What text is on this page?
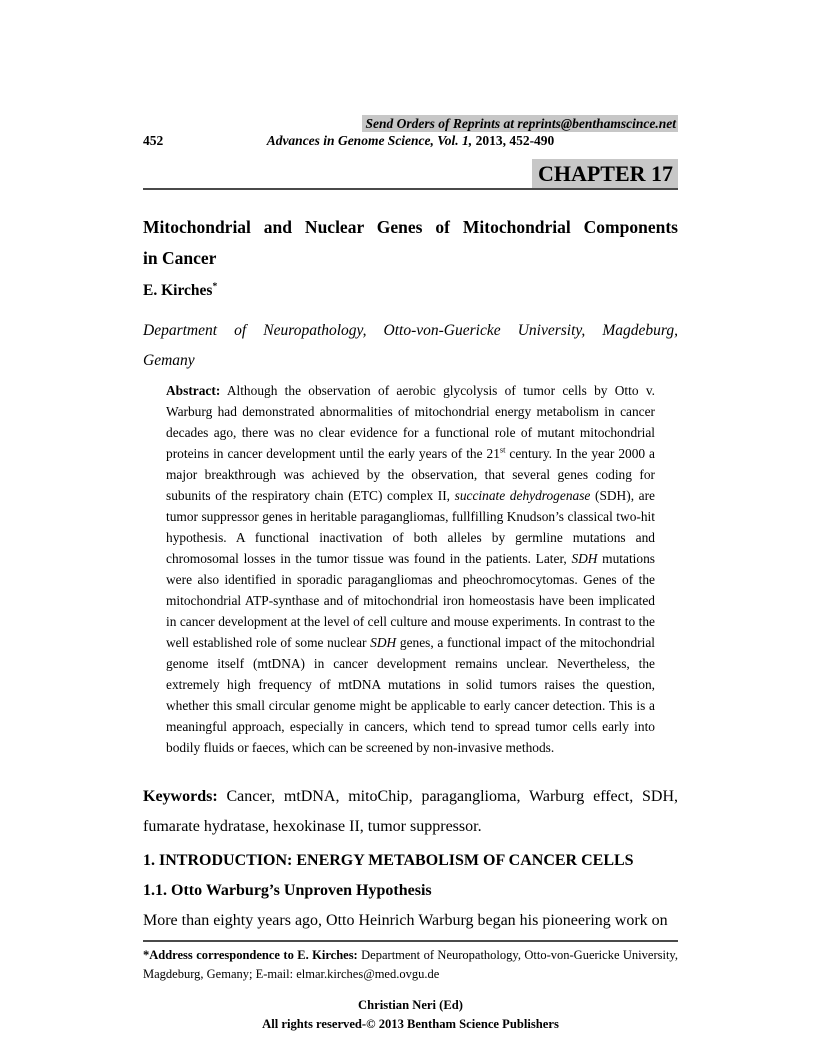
Send Orders of Reprints at reprints@benthamscince.net
452	Advances in Genome Science, Vol. 1, 2013, 452-490
CHAPTER 17
Mitochondrial and Nuclear Genes of Mitochondrial Components
in Cancer
E. Kirches*
Department of Neuropathology, Otto-von-Guericke University, Magdeburg,
Gemany
Abstract: Although the observation of aerobic glycolysis of tumor cells by Otto v. Warburg had demonstrated abnormalities of mitochondrial energy metabolism in cancer decades ago, there was no clear evidence for a functional role of mutant mitochondrial proteins in cancer development until the early years of the 21st century. In the year 2000 a major breakthrough was achieved by the observation, that several genes coding for subunits of the respiratory chain (ETC) complex II, succinate dehydrogenase (SDH), are tumor suppressor genes in heritable paragangliomas, fullfilling Knudson’s classical two-hit hypothesis. A functional inactivation of both alleles by germline mutations and chromosomal losses in the tumor tissue was found in the patients. Later, SDH mutations were also identified in sporadic paragangliomas and pheochromocytomas. Genes of the mitochondrial ATP-synthase and of mitochondrial iron homeostasis have been implicated in cancer development at the level of cell culture and mouse experiments. In contrast to the well established role of some nuclear SDH genes, a functional impact of the mitochondrial genome itself (mtDNA) in cancer development remains unclear. Nevertheless, the extremely high frequency of mtDNA mutations in solid tumors raises the question, whether this small circular genome might be applicable to early cancer detection. This is a meaningful approach, especially in cancers, which tend to spread tumor cells early into bodily fluids or faeces, which can be screened by non-invasive methods.
Keywords: Cancer, mtDNA, mitoChip, paraganglioma, Warburg effect, SDH, fumarate hydratase, hexokinase II, tumor suppressor.
1. INTRODUCTION: ENERGY METABOLISM OF CANCER CELLS
1.1. Otto Warburg’s Unproven Hypothesis
More than eighty years ago, Otto Heinrich Warburg began his pioneering work on
*Address correspondence to E. Kirches: Department of Neuropathology, Otto-von-Guericke University, Magdeburg, Gemany; E-mail: elmar.kirches@med.ovgu.de
Christian Neri (Ed)
All rights reserved-© 2013 Bentham Science Publishers
